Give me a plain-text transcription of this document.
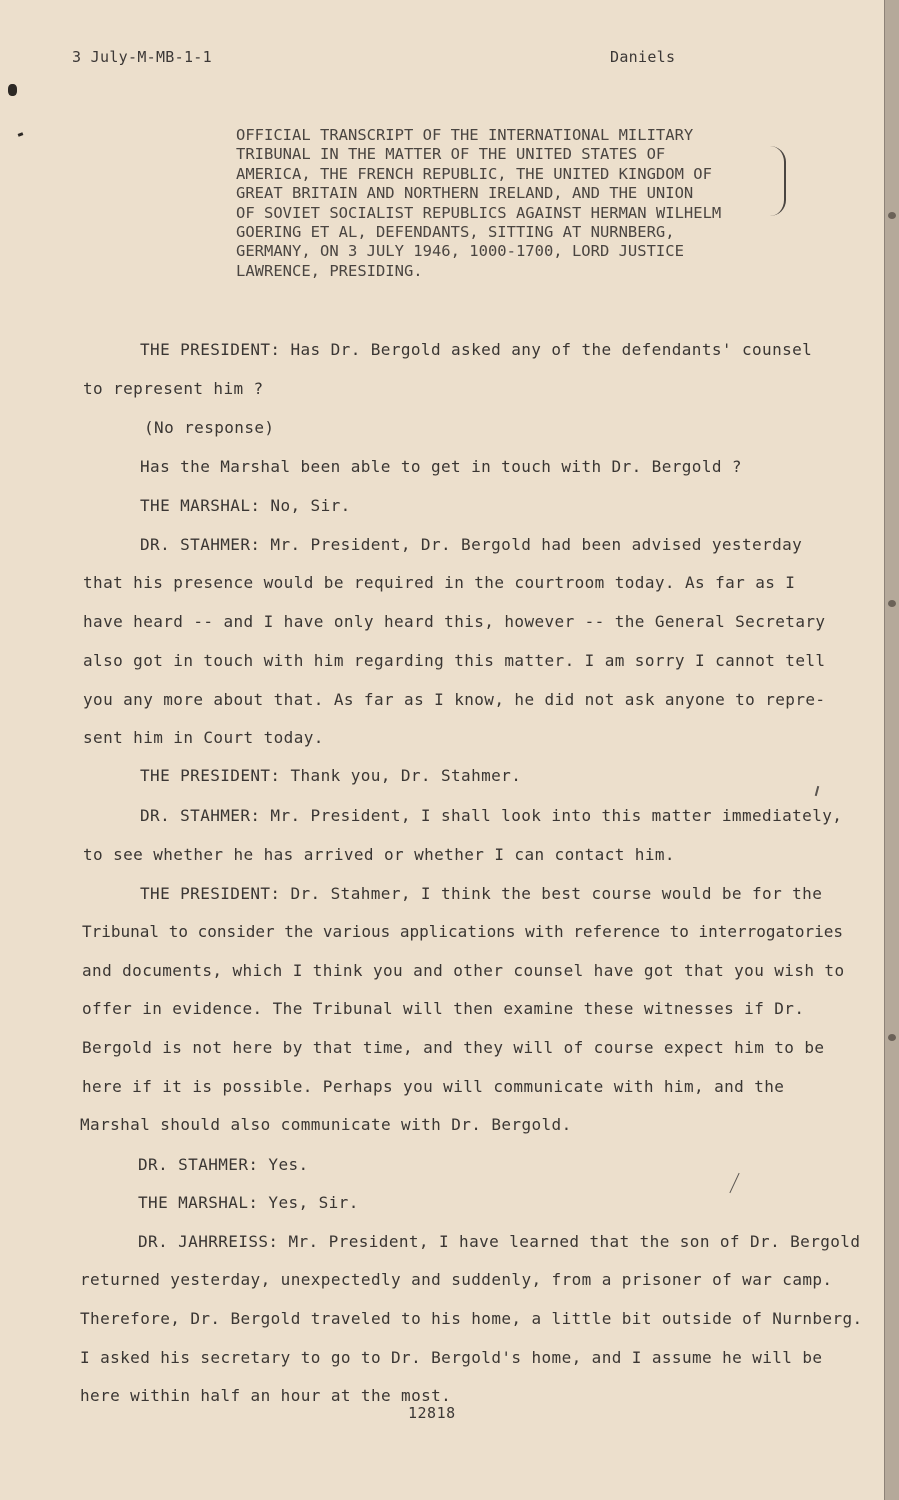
3 July-M-MB-1-1	Daniels
OFFICIAL TRANSCRIPT OF THE INTERNATIONAL MILITARY
TRIBUNAL IN THE MATTER OF THE UNITED STATES OF
AMERICA, THE FRENCH REPUBLIC, THE UNITED KINGDOM OF
GREAT BRITAIN AND NORTHERN IRELAND, AND THE UNION
OF SOVIET SOCIALIST REPUBLICS AGAINST HERMAN WILHELM
GOERING ET AL, DEFENDANTS, SITTING AT NURNBERG,
GERMANY, ON 3 JULY 1946, 1000-1700, LORD JUSTICE
LAWRENCE, PRESIDING.
THE PRESIDENT: Has Dr. Bergold asked any of the defendants' counsel
to represent him ?
(No response)
Has the Marshal been able to get in touch with Dr. Bergold ?
THE MARSHAL: No, Sir.
DR. STAHMER: Mr. President, Dr. Bergold had been advised yesterday
that his presence would be required in the courtroom today. As far as I
have heard -- and I have only heard this, however -- the General Secretary
also got in touch with him regarding this matter. I am sorry I cannot tell
you any more about that. As far as I know, he did not ask anyone to repre-
sent him in Court today.
THE PRESIDENT: Thank you, Dr. Stahmer.
DR. STAHMER: Mr. President, I shall look into this matter immediately,
to see whether he has arrived or whether I can contact him.
THE PRESIDENT: Dr. Stahmer, I think the best course would be for the
Tribunal to consider the various applications with reference to interrogatories
and documents, which I think you and other counsel have got that you wish to
offer in evidence. The Tribunal will then examine these witnesses if Dr.
Bergold is not here by that time, and they will of course expect him to be
here if it is possible. Perhaps you will communicate with him, and the
Marshal should also communicate with Dr. Bergold.
DR. STAHMER: Yes.
THE MARSHAL: Yes, Sir.
DR. JAHRREISS: Mr. President, I have learned that the son of Dr. Bergold
returned yesterday, unexpectedly and suddenly, from a prisoner of war camp.
Therefore, Dr. Bergold traveled to his home, a little bit outside of Nurnberg.
I asked his secretary to go to Dr. Bergold's home, and I assume he will be
here within half an hour at the most.
12818
